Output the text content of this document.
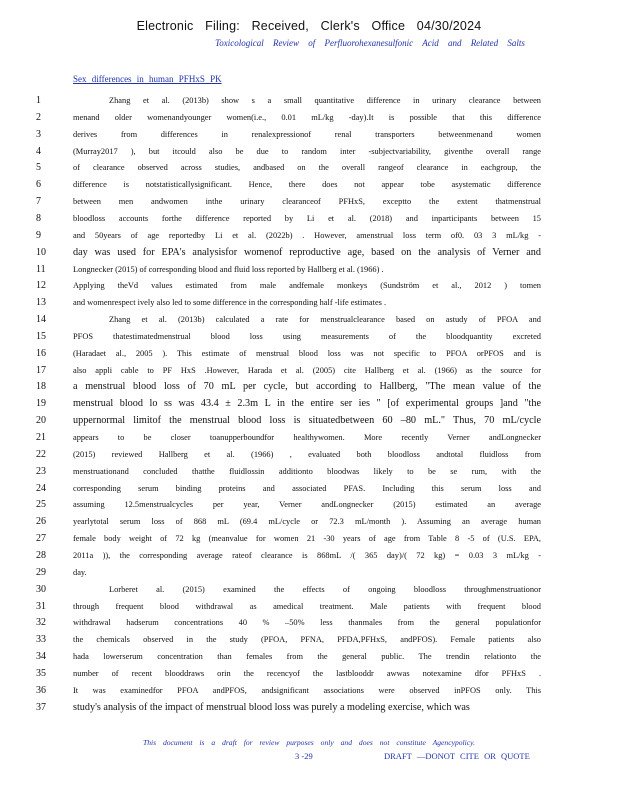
Electronic Filing: Received, Clerk's Office 04/30/2024
Toxicological Review of Perfluorohexanesulfonic Acid and Related Salts
Sex differences in human PFHxS PK
1	Zhang et al. (2013b) show s a small quantitative difference in urinary clearance between
2	menand older womenandyounger women(i.e., 0.01 mL/kg -day).It is possible that this difference
3	derives from differences in renalexpressionof renal transporters betweenmenand women
4	(Murray2017 ), but itcould also be due to random inter -subjectvariability, giventhe overall range
5	of clearance observed across studies, andbased on the overall rangeof clearance in eachgroup, the
6	difference is notstatisticallysignificant. Hence, there does not appear tobe asystematic difference
7	between men andwomen inthe urinary clearanceof PFHxS, exceptto the extent thatmenstrual
8	bloodloss accounts forthe difference reported by Li et al. (2018) and inparticipants between 15
9	and 50years of age reportedby Li et al. (2022b) . However, amenstrual loss term of0. 03 3 mL/kg -
10	day was used for EPA's analysisfor womenof reproductive age, based on the analysis of Verner and
11	Longnecker (2015) of corresponding blood and fluid loss reported by Hallberg et al. (1966) .
12	Applying theVd values estimated from male andfemale monkeys (Sundström et al., 2012 ) tomen
13	and womenrespect ively also led to some difference in the corresponding half -life estimates .
14	Zhang et al. (2013b) calculated a rate for menstrualclearance based on astudy of PFOA and
15	PFOS thatestimatedmenstrual blood loss using measurements of the bloodquantity excreted
16	(Haradaet al., 2005 ). This estimate of menstrual blood loss was not specific to PFOA orPFOS and is
17	also appli cable to PF HxS .However, Harada et al. (2005) cite Hallberg et al. (1966) as the source for
18	a menstrual blood loss of 70 mL per cycle, but according to Hallberg, "The mean value of the
19	menstrual blood lo ss was 43.4 ± 2.3m L in the entire ser ies " [of experimental groups ]and "the
20	uppernormal limitof the menstrual blood loss is situatedbetween 60 –80 mL." Thus, 70 mL/cycle
21	appears to be closer toanupperboundfor healthywomen. More recently Verner andLongnecker
22	(2015) reviewed Hallberg et al. (1966) , evaluated both bloodloss andtotal fluidloss from
23	menstruationand concluded thatthe fluidlossin additionto bloodwas likely to be se rum, with the
24	corresponding serum binding proteins and associated PFAS. Including this serum loss and
25	assuming 12.5menstrualcycles per year, Verner andLongnecker (2015) estimated an average
26	yearlytotal serum loss of 868 mL (69.4 mL/cycle or 72.3 mL/month ). Assuming an average human
27	female body weight of 72 kg (meanvalue for women 21 -30 years of age from Table 8 -5 of (U.S. EPA,
28	2011a )), the corresponding average rateof clearance is 868mL /( 365 day)/( 72 kg) = 0.03 3 mL/kg -
29	day.
30	Lorberet al. (2015) examined the effects of ongoing bloodloss throughmenstruationor
31	through frequent blood withdrawal as amedical treatment. Male patients with frequent blood
32	withdrawal hadserum concentrations 40 % –50% less thanmales from the general populationfor
33	the chemicals observed in the study (PFOA, PFNA, PFDA,PFHxS, andPFOS). Female patients also
34	hada lowerserum concentration than females from the general public. The trendin relationto the
35	number of recent blooddraws orin the recencyof the lastblooddr awwas notexamine dfor PFHxS .
36	It was examinedfor PFOA andPFOS, andsignificant associations were observed inPFOS only. This
37	study's analysis of the impact of menstrual blood loss was purely a modeling exercise, which was
This document is a draft for review purposes only and does not constitute Agencypolicy.
3 -29	DRAFT —DONOT CITE OR QUOTE
